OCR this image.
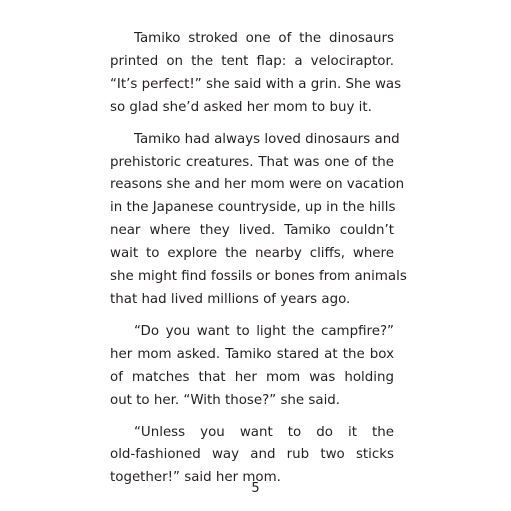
Tamiko stroked one of the dinosaurs
printed on the tent flap: a velociraptor.
“It’s perfect!” she said with a grin. She was
so glad she’d asked her mom to buy it.
Tamiko had always loved dinosaurs and
prehistoric creatures. That was one of the
reasons she and her mom were on vacation
in the Japanese countryside, up in the hills
near where they lived. Tamiko couldn’t
wait to explore the nearby cliffs, where
she might find fossils or bones from animals
that had lived millions of years ago.
“Do you want to light the campfire?”
her mom asked. Tamiko stared at the box
of matches that her mom was holding
out to her. “With those?” she said.
“Unless you want to do it the
old-fashioned way and rub two sticks
together!” said her mom.
5
